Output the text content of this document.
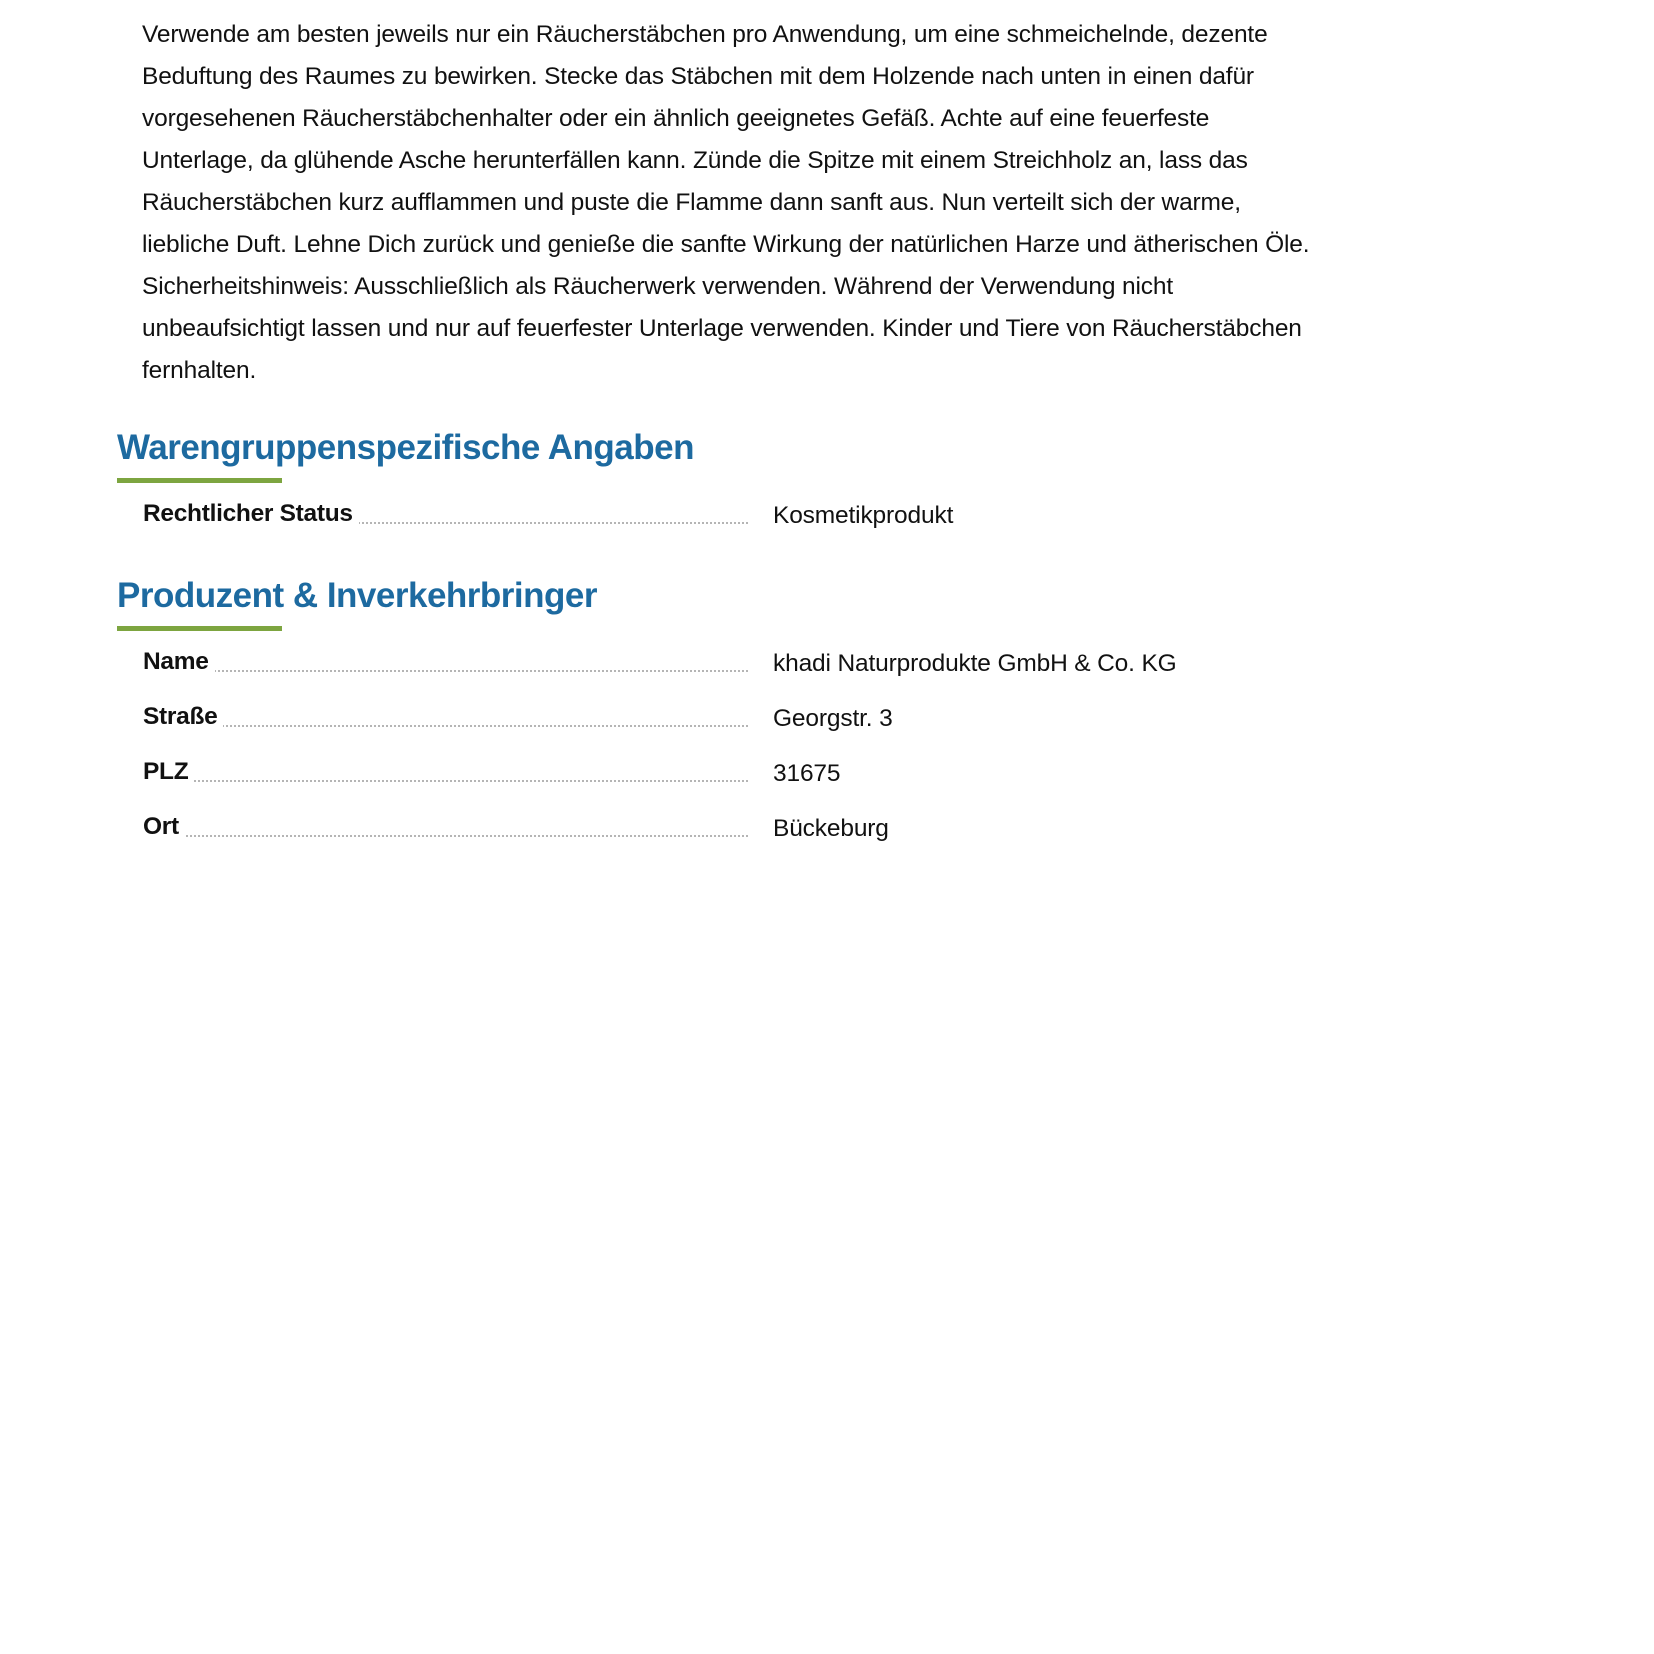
Verwende am besten jeweils nur ein Räucherstäbchen pro Anwendung, um eine schmeichelnde, dezente
Beduftung des Raumes zu bewirken. Stecke das Stäbchen mit dem Holzende nach unten in einen dafür
vorgesehenen Räucherstäbchenhalter oder ein ähnlich geeignetes Gefäß. Achte auf eine feuerfeste
Unterlage, da glühende Asche herunterfällen kann. Zünde die Spitze mit einem Streichholz an, lass das
Räucherstäbchen kurz aufflammen und puste die Flamme dann sanft aus. Nun verteilt sich der warme,
liebliche Duft. Lehne Dich zurück und genieße die sanfte Wirkung der natürlichen Harze und ätherischen Öle.
Sicherheitshinweis: Ausschließlich als Räucherwerk verwenden. Während der Verwendung nicht
unbeaufsichtigt lassen und nur auf feuerfester Unterlage verwenden. Kinder und Tiere von Räucherstäbchen
fernhalten.

Warengruppenspezifische Angaben
Rechtlicher Status	Kosmetikprodukt
Produzent & Inverkehrbringer
Name	khadi Naturprodukte GmbH & Co. KG
Straße	Georgstr. 3
PLZ	31675
Ort	Bückeburg
